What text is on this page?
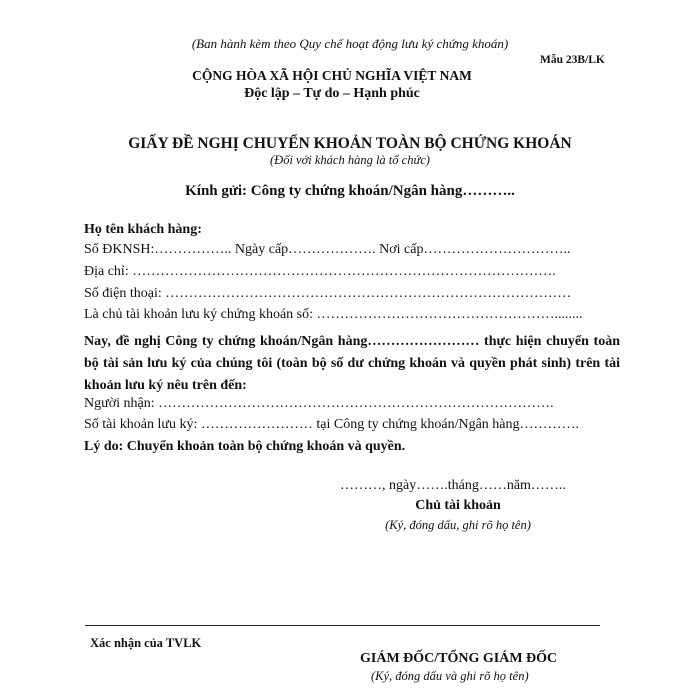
(Ban hành kèm theo Quy chế hoạt động lưu ký chứng khoán)
Mẫu 23B/LK
CỘNG HÒA XÃ HỘI CHỦ NGHĨA VIỆT NAM
Độc lập – Tự do – Hạnh phúc
GIẤY ĐỀ NGHỊ CHUYỂN KHOẢN TOÀN BỘ CHỨNG KHOÁN
(Đối với khách hàng là tổ chức)
Kính gửi: Công ty chứng khoán/Ngân hàng………..
Họ tên khách hàng:
Số ĐKNSH:…………….. Ngày cấp………………. Nơi cấp…………………………..
Địa chỉ: ……………………………………………………………………………….
Số điện thoại: ……………………………………………………………………………
Là chủ tài khoản lưu ký chứng khoán số: ……………………………………………........
Nay, đề nghị Công ty chứng khoán/Ngân hàng…………………… thực hiện chuyển toàn bộ tài sản lưu ký của chúng tôi (toàn bộ số dư chứng khoán và quyền phát sinh) trên tài khoản lưu ký nêu trên đến:
Người nhận: ………………………………………………………………………….
Số tài khoản lưu ký: …………………… tại Công ty chứng khoán/Ngân hàng………….
Lý do: Chuyển khoản toàn bộ chứng khoán và quyền.
………, ngày…….tháng……năm……..
Chủ tài khoản
(Ký, đóng dấu, ghi rõ họ tên)
Xác nhận của TVLK
GIÁM ĐỐC/TỔNG GIÁM ĐỐC
(Ký, đóng dấu và ghi rõ họ tên)
